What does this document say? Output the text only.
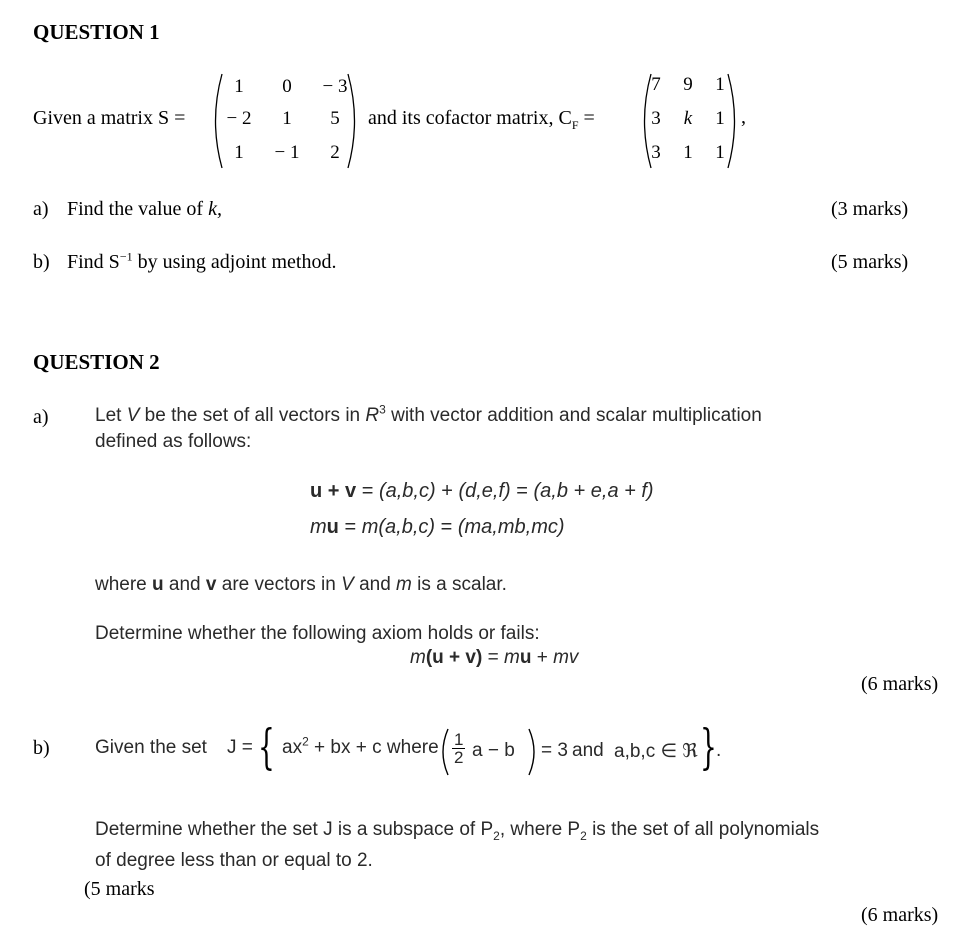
QUESTION 1
Given a matrix S =
1	0	− 3
− 2	1	5
1	− 1	2
and its cofactor matrix, $C_F$ =
7	9	1
3	k	1
3	1	1
,
a) Find the value of k,	(3 marks)
b) Find $S^{-1}$ by using adjoint method.	(5 marks)
QUESTION 2
a) Let V be the set of all vectors in $R^3$ with vector addition and scalar multiplication
defined as follows:
u + v = (a,b,c) + (d,e,f) = (a,b + e,a + f)
mu = m(a,b,c) = (ma,mb,mc)
where u and v are vectors in V and m is a scalar.
Determine whether the following axiom holds or fails:
m(u + v) = mu + mv
(6 marks)
b) Given the set J = { $ax^2$ + bx + c where $\frac{1}{2}$ a − b = 3 and a,b,c ∈ ℜ } .
Determine whether the set J is a subspace of $P_2$, where $P_2$ is the set of all polynomials
of degree less than or equal to 2.
(5 marks
(6 marks)
